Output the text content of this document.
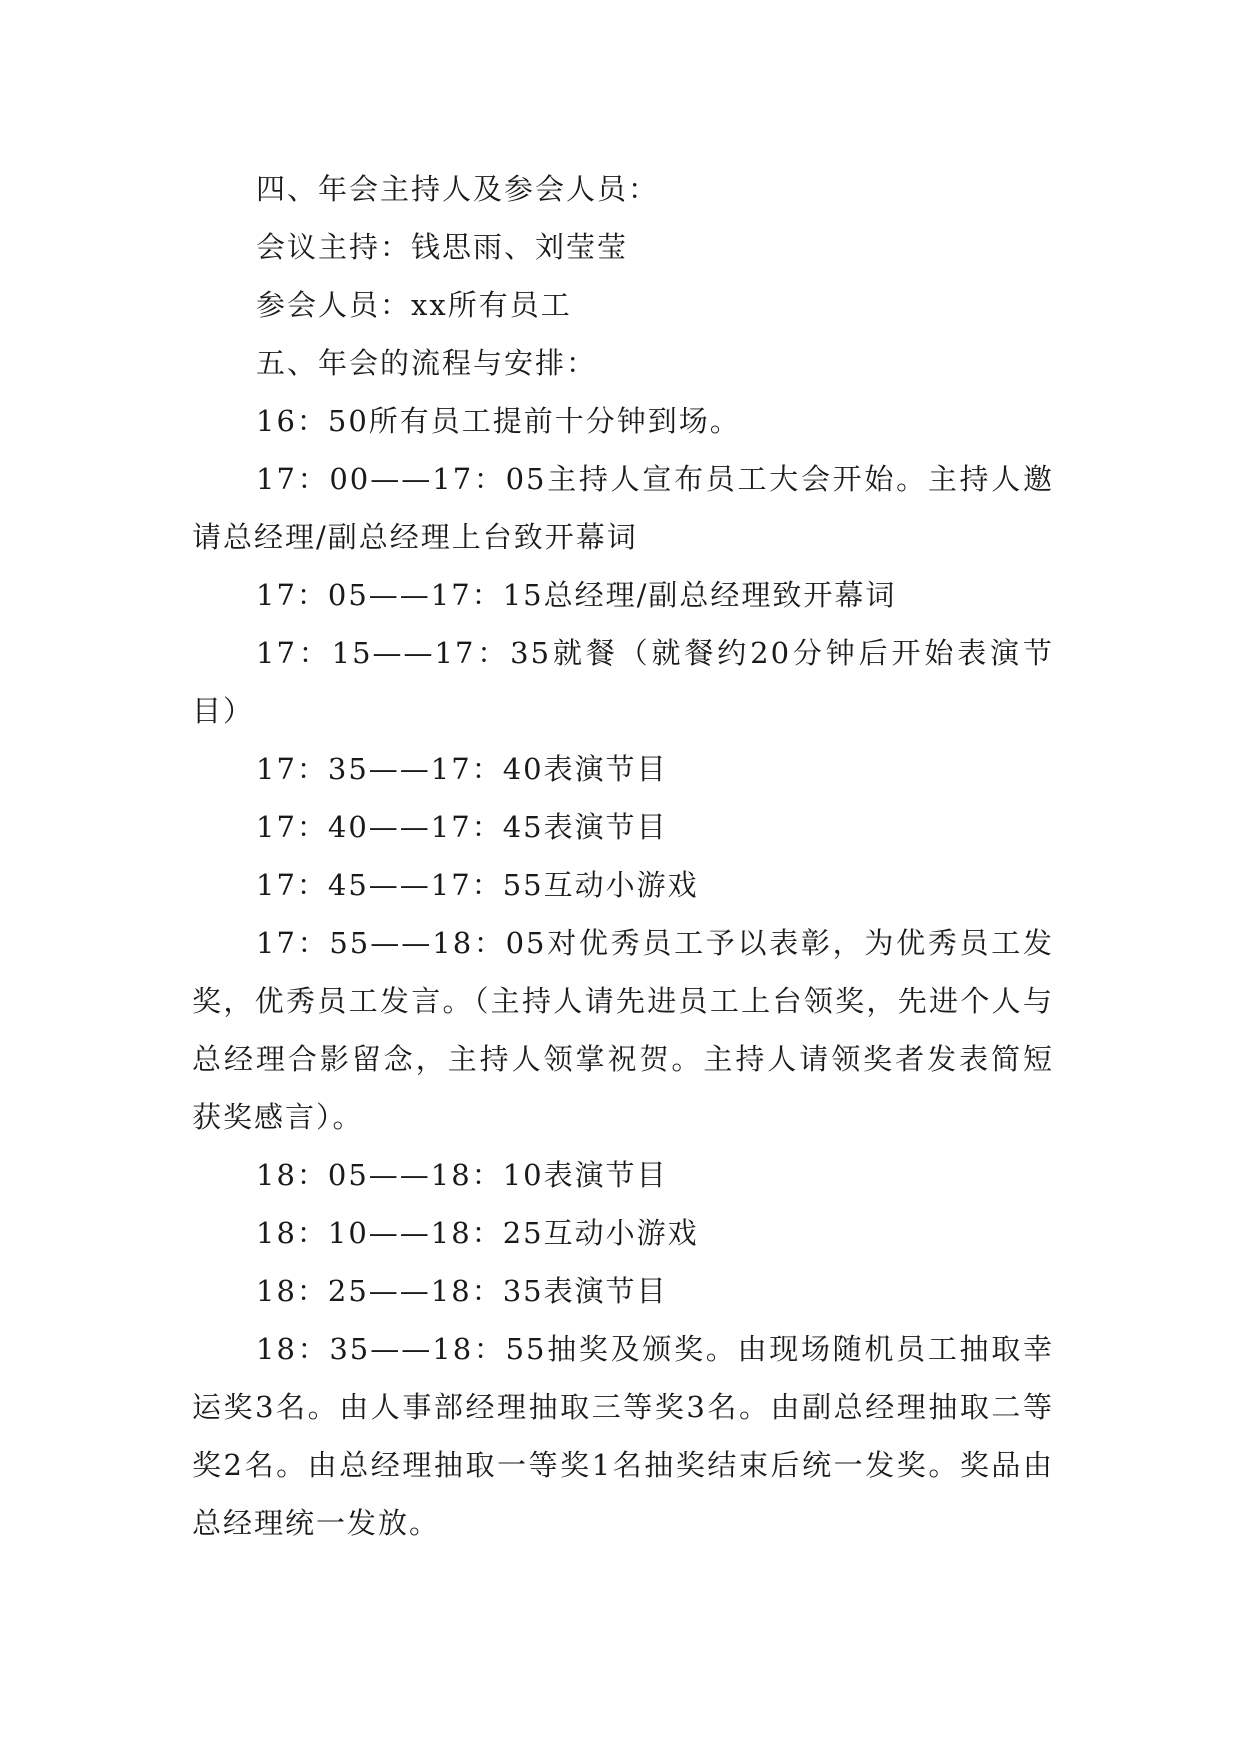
四、年会主持人及参会人员：

会议主持：钱思雨、刘莹莹

参会人员：xx所有员工

五、年会的流程与安排：

16：50所有员工提前十分钟到场。

17：00——17：05主持人宣布员工大会开始。主持人邀请总经理/副总经理上台致开幕词

17：05——17：15总经理/副总经理致开幕词

17：15——17：35就餐（就餐约20分钟后开始表演节目）

17：35——17：40表演节目

17：40——17：45表演节目

17：45——17：55互动小游戏

17：55——18：05对优秀员工予以表彰，为优秀员工发奖，优秀员工发言。（主持人请先进员工上台领奖，先进个人与总经理合影留念，主持人领掌祝贺。主持人请领奖者发表简短获奖感言）。

18：05——18：10表演节目

18：10——18：25互动小游戏

18：25——18：35表演节目

18：35——18：55抽奖及颁奖。由现场随机员工抽取幸运奖3名。由人事部经理抽取三等奖3名。由副总经理抽取二等奖2名。由总经理抽取一等奖1名抽奖结束后统一发奖。奖品由总经理统一发放。
